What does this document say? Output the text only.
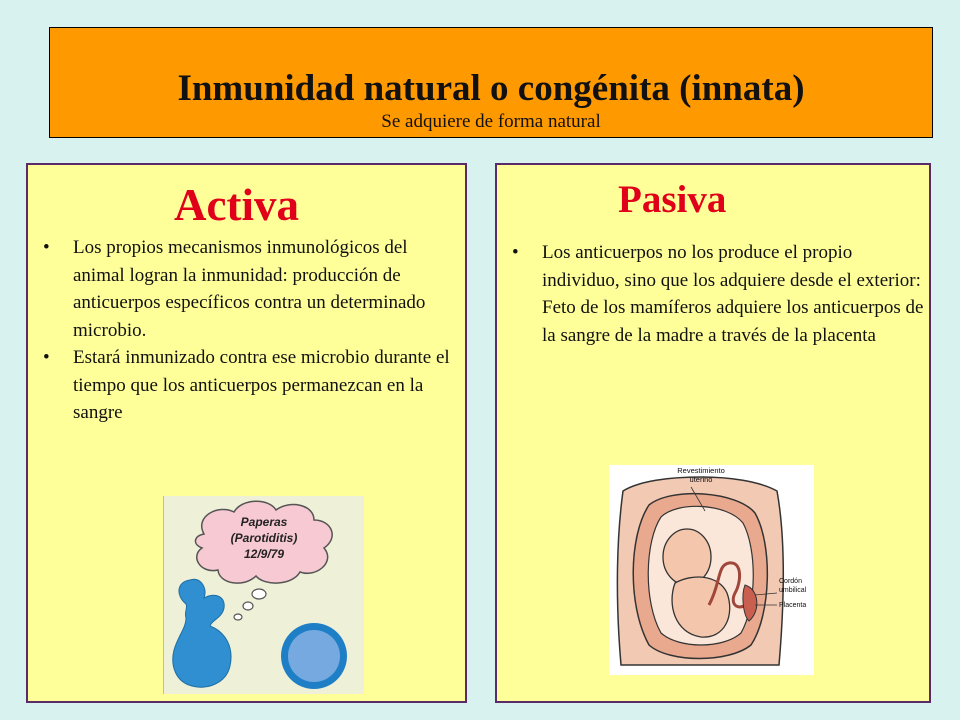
Inmunidad natural o congénita (innata)
Se adquiere de forma natural
Activa
• Los propios mecanismos inmunológicos del animal logran la inmunidad: producción de anticuerpos específicos contra un determinado microbio.
• Estará inmunizado contra ese microbio durante el tiempo que los anticuerpos permanezcan en la sangre
Paperas
(Parotiditis)
12/9/79
Pasiva
• Los anticuerpos no los produce el propio individuo, sino que los adquiere desde el exterior: Feto de los mamíferos adquiere los anticuerpos de la sangre de la madre a través de la placenta
Revestimiento
uterino
Cordón
umbilical
Placenta
